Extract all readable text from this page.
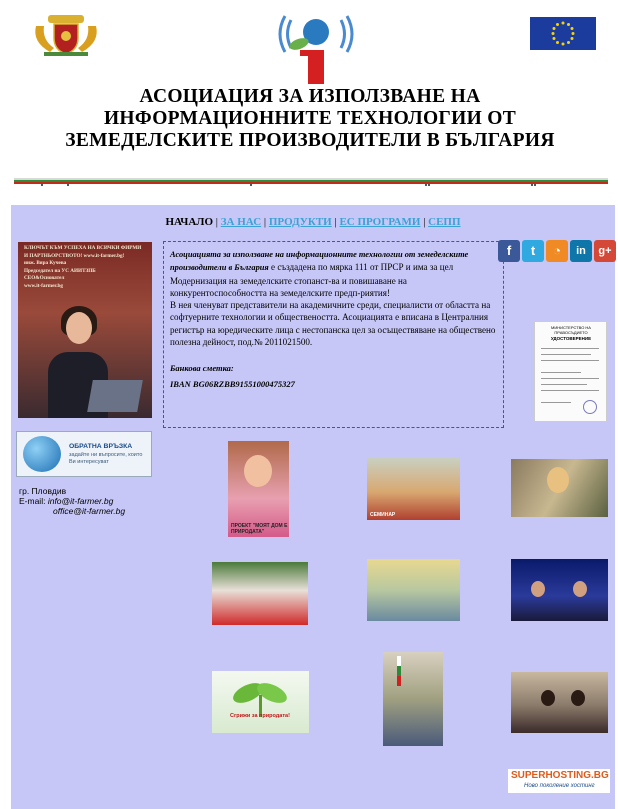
АСОЦИАЦИЯ ЗА ИЗПОЛЗВАНЕ НА
ИНФОРМАЦИОННИТЕ ТЕХНОЛОГИИ ОТ
ЗЕМЕДЕЛСКИТЕ ПРОИЗВОДИТЕЛИ В БЪЛГАРИЯ
НАЧАЛО | ЗА НАС | ПРОДУКТИ | ЕС ПРОГРАМИ | СЕПП
КЛЮЧЪТ КЪМ УСПЕХА НА ВСИЧКИ ФИРМИ
И ПАРТНЬОРСТВОТО! www.it-farmer.bg!
инж. Вяра Кучева
Председател на УС АИИТЗПБ
СЕО&Основател
www.it-farmer.bg
ОБРАТНА ВРЪЗКА
задайте ни въпросите, които Ви интересуват
гр. Пловдив
E-mail: info@it-farmer.bg
office@it-farmer.bg

Асоциацията за използване на информационните технологии от земеделските производители в България е създадена по мярка 111 от ПРСР и има за цел Модернизация на земеделските стопанст-ва и повишаване на конкурентоспособността на земеделските предп-риятия!

В нея членуват представители на академичните среди, специалисти от областта на софтуерните технологии и обществеността. Асоциацията е вписана в Централния регистър на юредическите лица с нестопанска цел за осъществяване на обществено полезна дейност, под.№ 2011021500.

Банкова сметка:

IBAN BG06RZBB91551000475327

f	t	◔	in	g+
МИНИСТЕРСТВО НА ПРАВОСЪДИЕТО
УДОСТОВЕРЕНИЕ
ПРОЕКТ "МОЯТ ДОМ Е ПРИРОДАТА"
СЕМИНАР
Сгрижи за природата!
SUPERHOSTING.BG
Ново поколение хостинг
